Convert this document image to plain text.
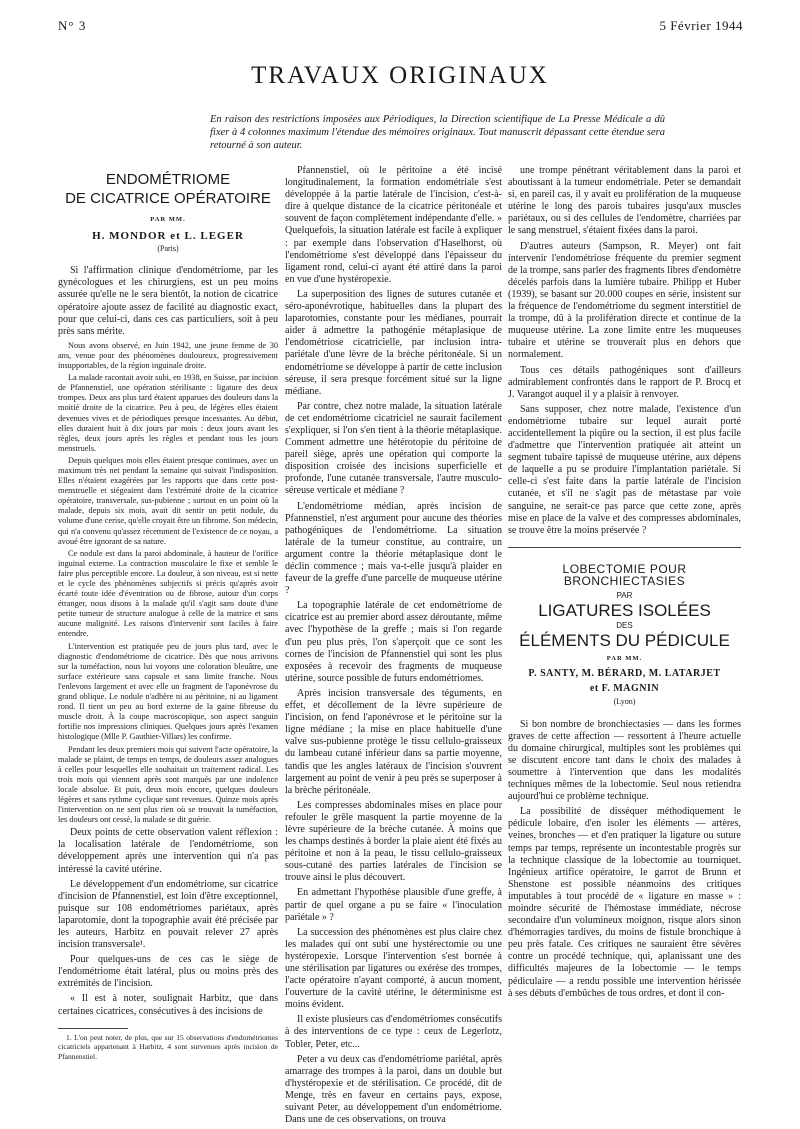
N° 3	5 Février 1944
TRAVAUX ORIGINAUX
En raison des restrictions imposées aux Périodiques, la Direction scientifique de La Presse Médicale a dû fixer à 4 colonnes maximum l'étendue des mémoires originaux. Tout manuscrit dépassant cette étendue sera retourné à son auteur.
ENDOMÉTRIOME
DE CICATRICE OPÉRATOIRE
PAR MM.
H. MONDOR et L. LEGER
(Paris)

Si l'affirmation clinique d'endométriome, par les gynécologues et les chirurgiens, est un peu moins assurée qu'elle ne le sera bientôt, la notion de cicatrice opératoire ajoute assez de facilité au diagnostic exact, pour que celui-ci, dans ces cas particuliers, soit à peu près sans mérite.

Nous avons observé, en Juin 1942, une jeune femme de 30 ans, venue pour des phénomènes douloureux, progressivement insupportables, de la région inguinale droite.

La malade racontait avoir subi, en 1938, en Suisse, par incision de Pfannenstiel, une opération stérilisante : ligature des deux trompes. Deux ans plus tard étaient apparues des douleurs dans la moitié droite de la cicatrice. Peu à peu, de légères elles étaient devenues vives et de périodiques presque incessantes. Au début, elles duraient huit à dix jours par mois : deux jours avant les règles, deux jours après les règles et pendant tous les jours menstruels.

Depuis quelques mois elles étaient presque continues, avec un maximum très net pendant la semaine qui suivait l'indisposition. Elles n'étaient exagérées par les rapports que dans cette post-menstruelle et siégeaient dans l'extrémité droite de la cicatrice opératoire, transversale, sus-pubienne ; surtout en un point où la malade, depuis six mois, avait dit sentir un petit nodule, du volume d'une cerise, qu'elle croyait être un fibrome. Son médecin, qui n'a convenu qu'assez récemment de l'existence de ce noyau, a avoué être ignorant de sa nature.

Ce nodule est dans la paroi abdominale, à hauteur de l'orifice inguinal externe. La contraction musculaire le fixe et semble le faire plus perceptible encore. La douleur, à son niveau, est si nette et le cycle des phénomènes subjectifs si précis qu'après avoir écarté toute idée d'éventration ou de fibrose, autour d'un corps étranger, nous disons à la malade qu'il s'agit sans doute d'une petite tumeur de structure analogue à celle de la matrice et sans aucune malignité. Les raisons d'intervenir sont faciles à faire entendre.

L'intervention est pratiquée peu de jours plus tard, avec le diagnostic d'endométriome de cicatrice. Dès que nous arrivons sur la tuméfaction, nous lui voyons une coloration bleuâtre, une surface extérieure sans capsule et sans limite franche. Nous l'enlevons largement et avec elle un fragment de l'aponévrose du grand oblique. Le nodule n'adhère ni au péritoine, ni au ligament rond. Il tient un peu au bord externe de la gaine fibreuse du muscle droit. À la coupe macroscopique, son aspect sanguin fortifie nos impressions cliniques. Quelques jours après l'examen histologique (Mlle P. Gauthier-Villars) les confirme.

Pendant les deux premiers mois qui suivent l'acte opératoire, la malade se plaint, de temps en temps, de douleurs assez analogues à celles pour lesquelles elle souhaitait un traitement radical. Les trois mois qui viennent après sont marqués par une indolence locale absolue. Et puis, deux mois encore, quelques douleurs légères et sans rythme cyclique sont revenues. Quinze mois après l'intervention on ne sent plus rien où se trouvait la tuméfaction, les douleurs ont cessé, la malade se dit guérie.

Deux points de cette observation valent réflexion : la localisation latérale de l'endométriome, son développement après une intervention qui n'a pas intéressé la cavité utérine.

Le développement d'un endométriome, sur cicatrice d'incision de Pfannenstiel, est loin d'être exceptionnel, puisque sur 108 endométriomes pariétaux, après laparotomie, dont la topographie avait été précisée par les auteurs, Harbitz en pouvait relever 27 après incision transversale¹.

Pour quelques-uns de ces cas le siège de l'endométriome était latéral, plus ou moins près des extrémités de l'incision.

« Il est à noter, soulignait Harbitz, que dans certaines cicatrices, consécutives à des incisions de

1. L'on peut noter, de plus, que sur 15 observations d'endométriomes cicatriciels appartenant à Harbitz, 4 sont survenues après incision de Pfannenstiel.

Pfannenstiel, où le péritoine a été incisé longitudinalement, la formation endométriale s'est développée à la partie latérale de l'incision, c'est-à-dire à quelque distance de la cicatrice péritonéale et souvent de façon complètement indépendante d'elle. » Quelquefois, la situation latérale est facile à expliquer : par exemple dans l'observation d'Haselhorst, où l'endométriome s'est développé dans l'épaisseur du ligament rond, celui-ci ayant été attiré dans la paroi en vue d'une hystéropexie.

La superposition des lignes de sutures cutanée et séro-aponévrotique, habituelles dans la plupart des laparotomies, constante pour les médianes, pourrait aider à admettre la pathogénie métaplasique de l'endométriose cicatricielle, par inclusion intra-pariétale d'une lèvre de la brèche péritonéale. Si un endométriome se développe à partir de cette inclusion séreuse, il sera presque forcément situé sur la ligne médiane.

Par contre, chez notre malade, la situation latérale de cet endométriome cicatriciel ne saurait facilement s'expliquer, si l'on s'en tient à la théorie métaplasique. Comment admettre une hétérotopie du péritoine de pareil siège, après une opération qui comporte la disposition croisée des incisions superficielle et profonde, l'une cutanée transversale, l'autre musculo-séreuse verticale et médiane ?

L'endométriome médian, après incision de Pfannenstiel, n'est argument pour aucune des théories pathogéniques de l'endométriome. La situation latérale de la tumeur constitue, au contraire, un argument contre la théorie métaplasique dont le déclin commence ; mais va-t-elle jusqu'à plaider en faveur de la greffe d'une parcelle de muqueuse utérine ?

La topographie latérale de cet endométriome de cicatrice est au premier abord assez déroutante, même avec l'hypothèse de la greffe ; mais si l'on regarde d'un peu plus près, l'on s'aperçoit que ce sont les cornes de l'incision de Pfannenstiel qui sont les plus exposées à recevoir des fragments de muqueuse utérine, source possible de futurs endométriomes.

Après incision transversale des téguments, en effet, et décollement de la lèvre supérieure de l'incision, on fend l'aponévrose et le péritoine sur la ligne médiane ; la mise en place habituelle d'une valve sus-pubienne protège le tissu cellulo-graisseux du lambeau cutané inférieur dans sa partie moyenne, tandis que les angles latéraux de l'incision s'ouvrent largement au point de venir à peu près se superposer à la brèche péritonéale.

Les compresses abdominales mises en place pour refouler le grêle masquent la partie moyenne de la lèvre supérieure de la brèche cutanée. À moins que les champs destinés à border la plaie aient été fixés au péritoine et non à la peau, le tissu cellulo-graisseux sous-cutané des parties latérales de l'incision se trouve ainsi le plus découvert.

En admettant l'hypothèse plausible d'une greffe, à partir de quel organe a pu se faire « l'inoculation pariétale » ?

La succession des phénomènes est plus claire chez les malades qui ont subi une hystérectomie ou une hystéropexie. Lorsque l'intervention s'est bornée à une stérilisation par ligatures ou exérèse des trompes, l'acte opératoire n'ayant comporté, à aucun moment, l'ouverture de la cavité utérine, le déterminisme est moins évident.

Il existe plusieurs cas d'endométriomes consécutifs à des interventions de ce type : ceux de Legerlotz, Tobler, Peter, etc...

Peter a vu deux cas d'endométriome pariétal, après amarrage des trompes à la paroi, dans un double but d'hystéropexie et de stérilisation. Ce procédé, dit de Menge, très en faveur en certains pays, expose, suivant Peter, au développement d'un endométriome. Dans une de ces observations, on trouva

une trompe pénétrant véritablement dans la paroi et aboutissant à la tumeur endométriale. Peter se demandait si, en pareil cas, il y avait eu prolifération de la muqueuse utérine le long des parois tubaires jusqu'aux muscles pariétaux, ou si des cellules de l'endomètre, charriées par le sang menstruel, s'étaient fixées dans la paroi.

D'autres auteurs (Sampson, R. Meyer) ont fait intervenir l'endométriose fréquente du premier segment de la trompe, sans parler des fragments libres d'endomètre décelés parfois dans la lumière tubaire. Philipp et Huber (1939), se basant sur 20.000 coupes en série, insistent sur la fréquence de l'endométriome du segment interstitiel de la trompe, dû à la prolifération directe et continue de la muqueuse utérine. La zone limite entre les muqueuses tubaire et utérine se trouverait plus en dehors que normalement.

Tous ces détails pathogéniques sont d'ailleurs admirablement confrontés dans le rapport de P. Brocq et J. Varangot auquel il y a plaisir à renvoyer.

Sans supposer, chez notre malade, l'existence d'un endométriome tubaire sur lequel aurait porté accidentellement la piqûre ou la section, il est plus facile d'admettre que l'intervention pratiquée ait atteint un segment tubaire tapissé de muqueuse utérine, aux dépens de laquelle a pu se produire l'implantation pariétale. Si celle-ci s'est faite dans la partie latérale de l'incision cutanée, et s'il ne s'agit pas de métastase par voie sanguine, ne serait-ce pas parce que cette zone, après mise en place de la valve et des compresses abdominales, se trouve être la moins préservée ?

LOBECTOMIE POUR BRONCHIECTASIES
PAR
LIGATURES ISOLÉES
DES
ÉLÉMENTS DU PÉDICULE
PAR MM.
P. SANTY, M. BÉRARD, M. LATARJET
et F. MAGNIN
(Lyon)

Si bon nombre de bronchiectasies — dans les formes graves de cette affection — ressortent à l'heure actuelle du domaine chirurgical, multiples sont les problèmes qui se discutent encore tant dans le choix des malades à soumettre à l'intervention que dans les modalités techniques mêmes de la lobectomie. Seul nous retiendra aujourd'hui ce problème technique.

La possibilité de disséquer méthodiquement le pédicule lobaire, d'en isoler les éléments — artères, veines, bronches — et d'en pratiquer la ligature ou suture temps par temps, représente un incontestable progrès sur la technique classique de la lobectomie au tourniquet. Ingénieux artifice opératoire, le garrot de Brunn et Shenstone est possible néanmoins des critiques imputables à tout procédé de « ligature en masse » : moindre sécurité de l'hémostase immédiate, nécrose secondaire d'un volumineux moignon, risque alors sinon d'hémorragies tardives, du moins de fistule bronchique à peu près fatale. Ces critiques ne sauraient être sévères contre un procédé technique, qui, aplanissant une des difficultés majeures de la lobectomie — le temps pédiculaire — a rendu possible une intervention hérissée à ses débuts d'embûches de tous ordres, et dont il con-
